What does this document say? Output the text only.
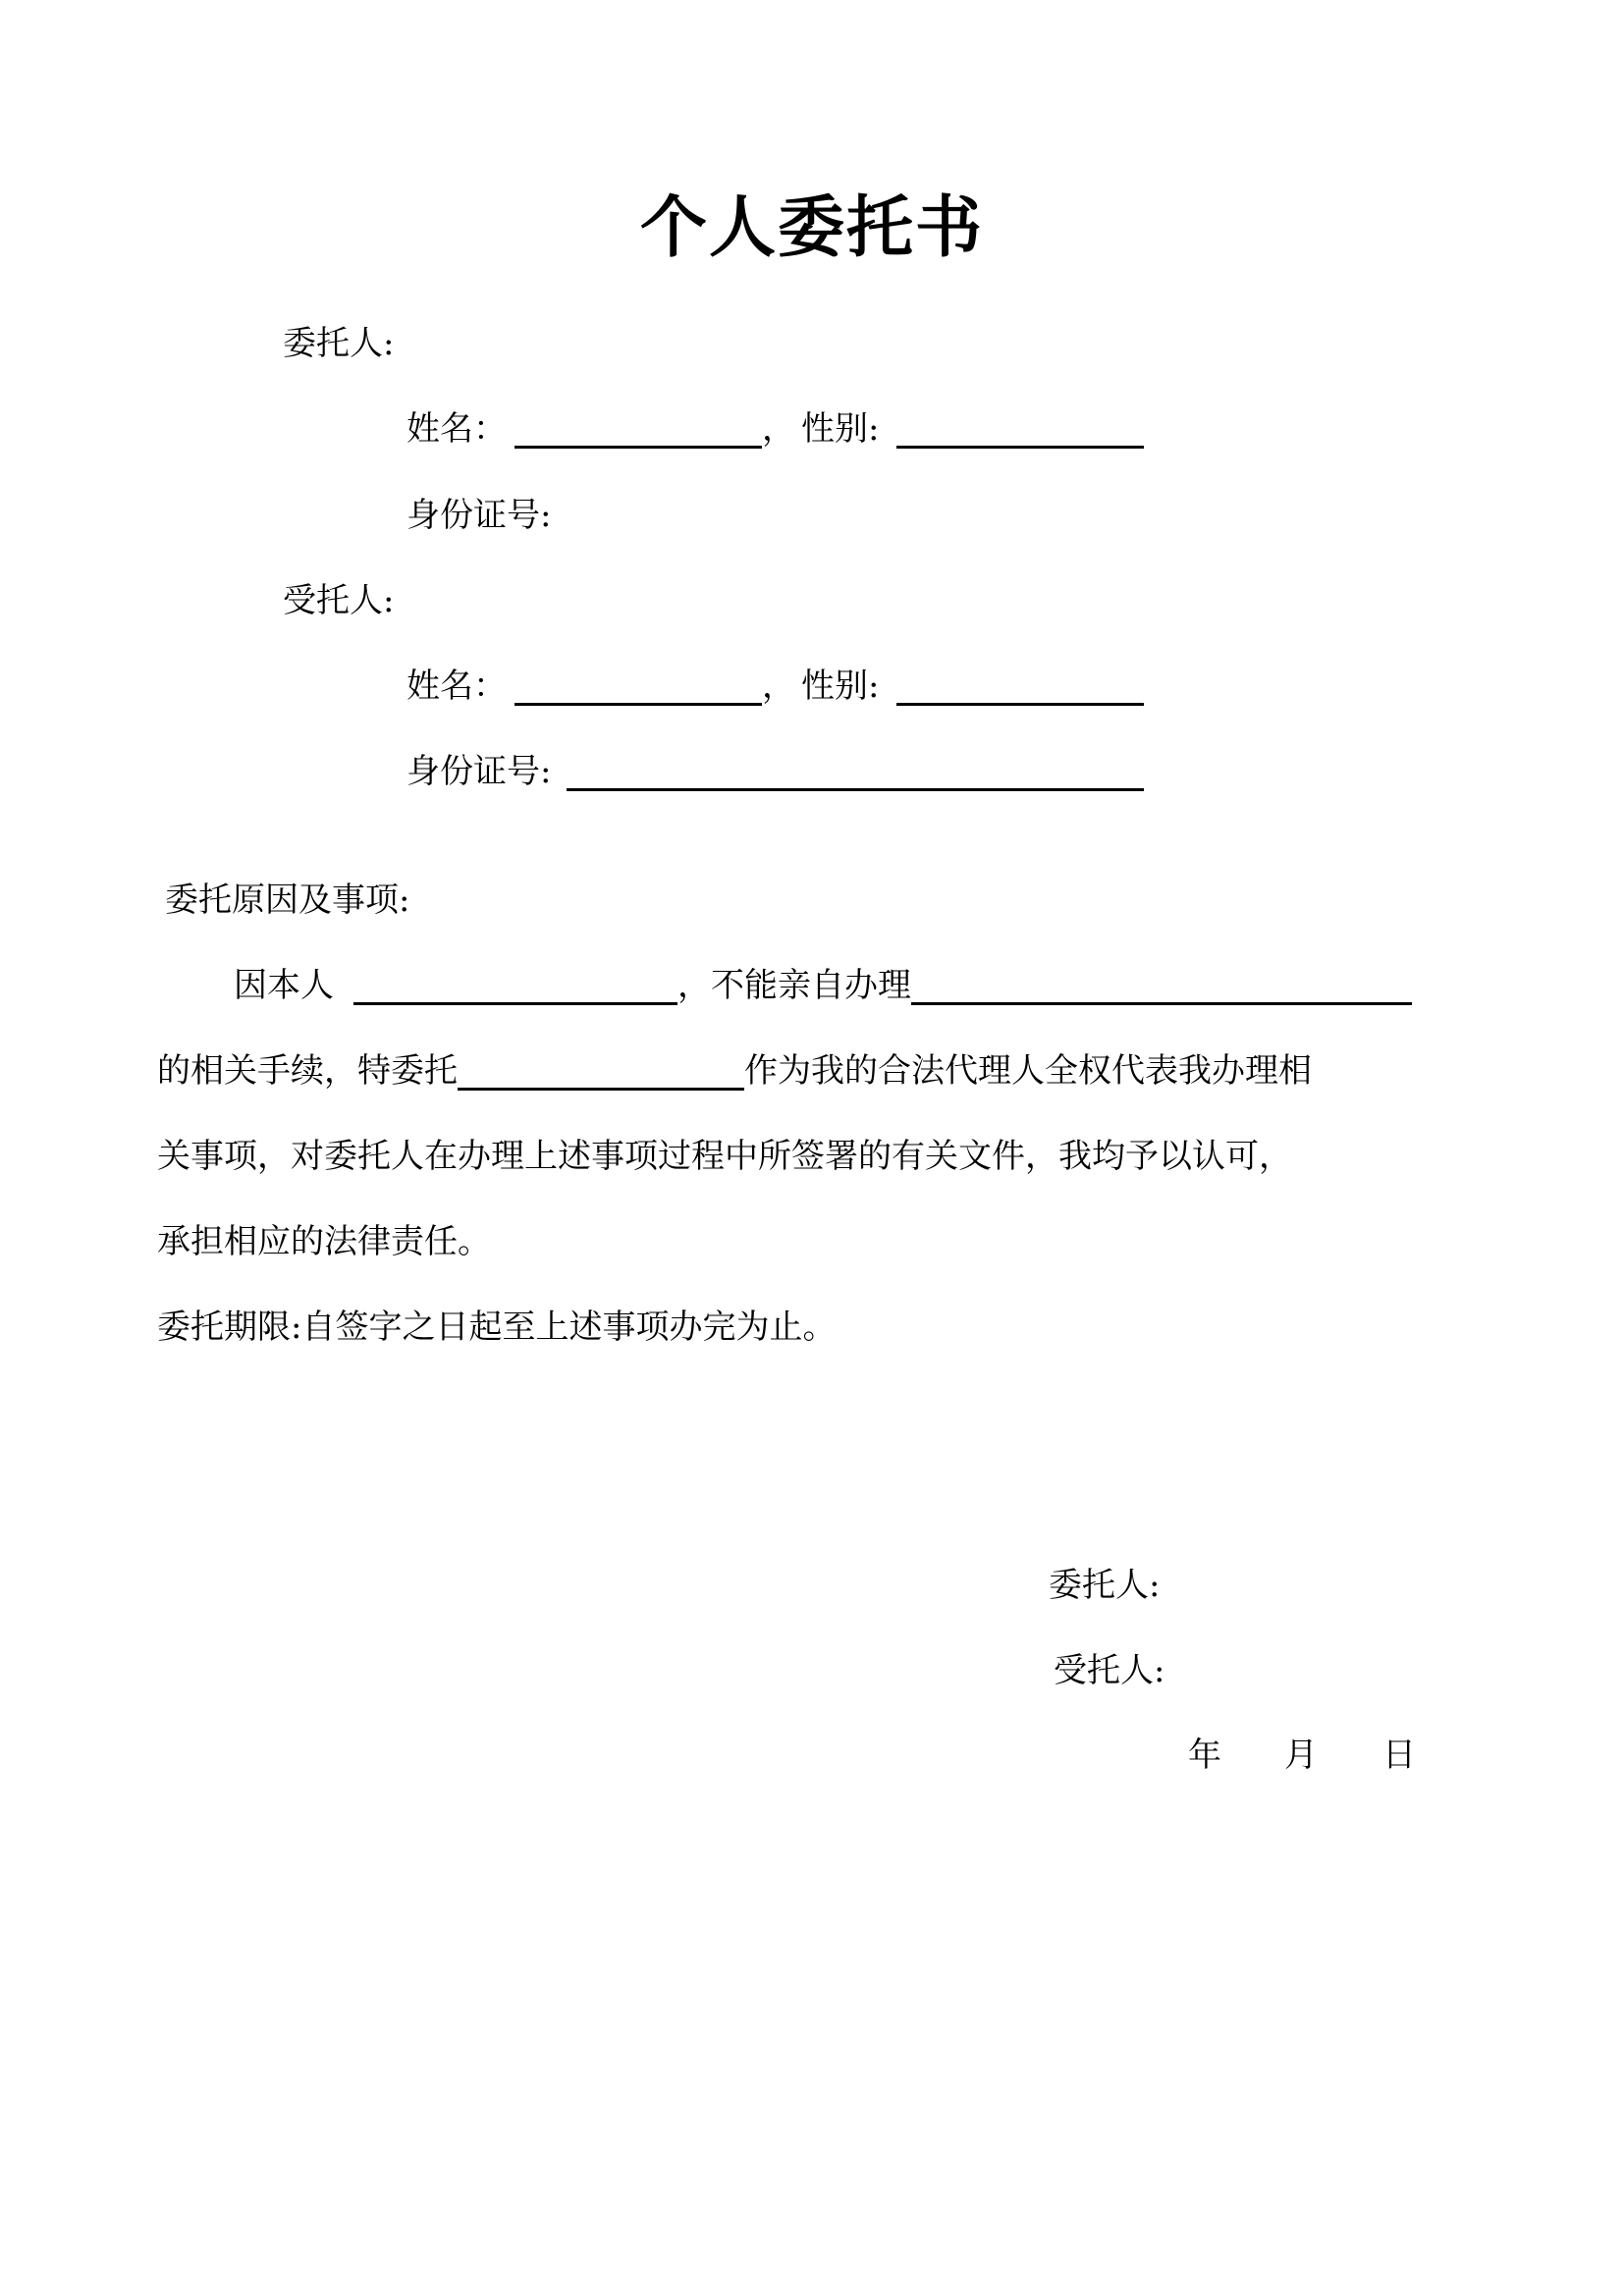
个人委托书
委托人:
姓名：	， 性别:
身份证号:
受托人:
姓名：	， 性别:
身份证号:
委托原因及事项:
因本人	，不能亲自办理
的相关手续，特委托	作为我的合法代理人全权代表我办理相
关事项，对委托人在办理上述事项过程中所签署的有关文件，我均予以认可，
承担相应的法律责任。
委托期限:自签字之日起至上述事项办完为止。
委托人:
受托人:
年 月 日
